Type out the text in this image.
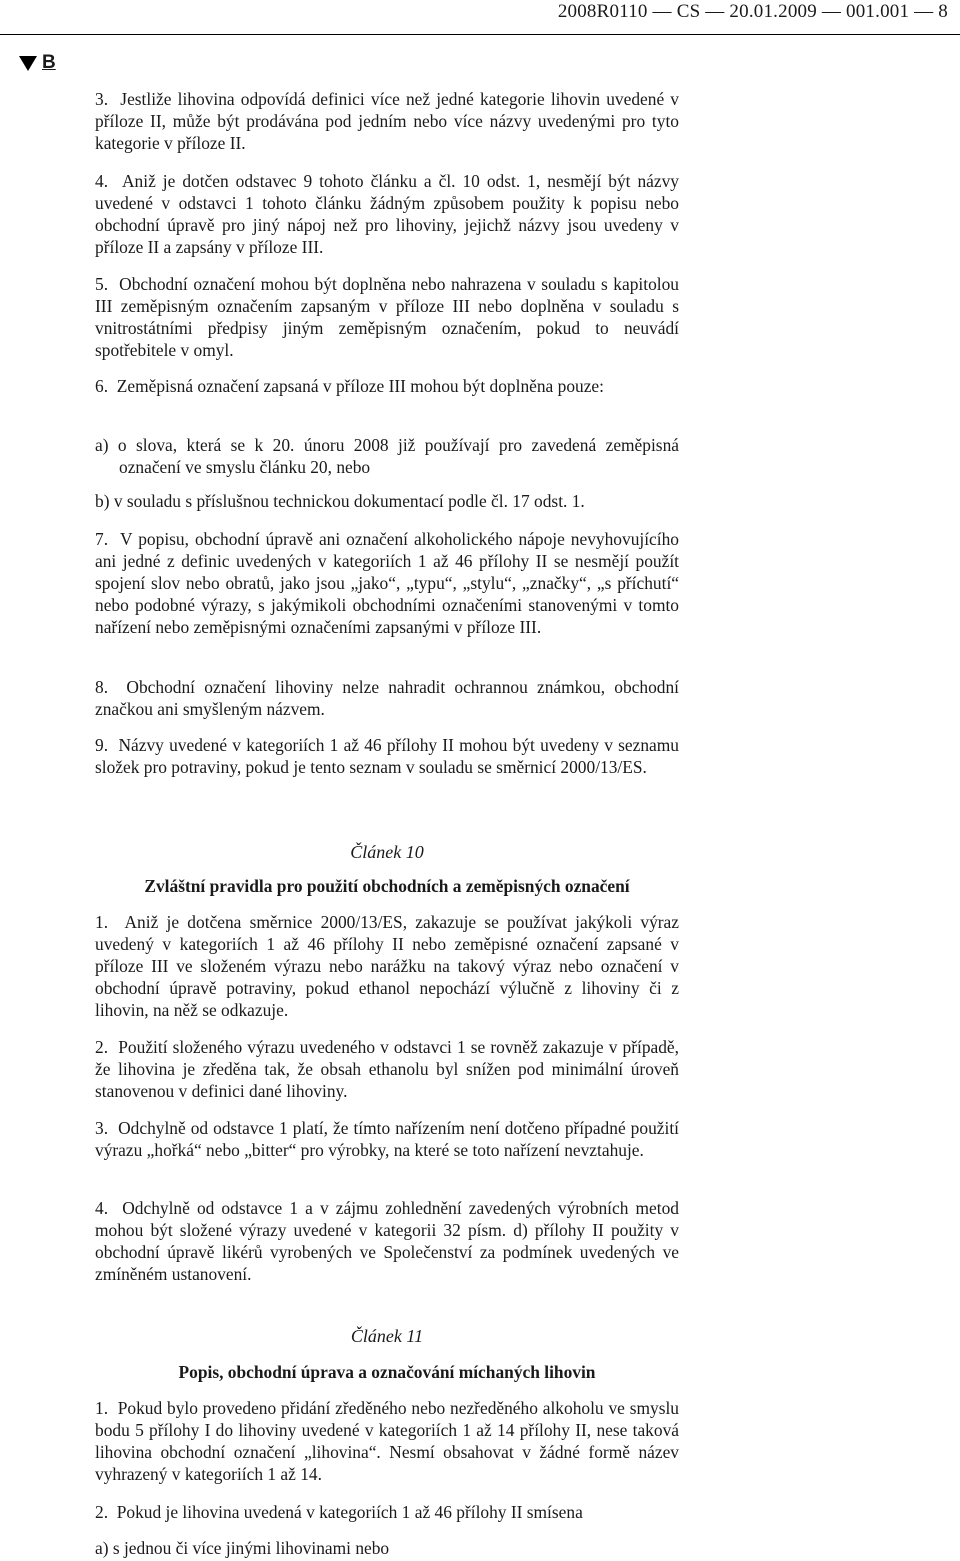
2008R0110 — CS — 20.01.2009 — 001.001 — 8
B
3.  Jestliže lihovina odpovídá definici více než jedné kategorie lihovin uvedené v příloze II, může být prodávána pod jedním nebo více názvy uvedenými pro tyto kategorie v příloze II.
4.  Aniž je dotčen odstavec 9 tohoto článku a čl. 10 odst. 1, nesmějí být názvy uvedené v odstavci 1 tohoto článku žádným způsobem použity k popisu nebo obchodní úpravě pro jiný nápoj než pro lihoviny, jejichž názvy jsou uvedeny v příloze II a zapsány v příloze III.
5.  Obchodní označení mohou být doplněna nebo nahrazena v souladu s kapitolou III zeměpisným označením zapsaným v příloze III nebo doplněna v souladu s vnitrostátními předpisy jiným zeměpisným označením, pokud to neuvádí spotřebitele v omyl.
6.  Zeměpisná označení zapsaná v příloze III mohou být doplněna pouze:
a) o slova, která se k 20. únoru 2008 již používají pro zavedená zeměpisná označení ve smyslu článku 20, nebo
b) v souladu s příslušnou technickou dokumentací podle čl. 17 odst. 1.
7.  V popisu, obchodní úpravě ani označení alkoholického nápoje nevyhovujícího ani jedné z definic uvedených v kategoriích 1 až 46 přílohy II se nesmějí použít spojení slov nebo obratů, jako jsou „jako“, „typu“, „stylu“, „značky“, „s příchutí“ nebo podobné výrazy, s jakýmikoli obchodními označeními stanovenými v tomto nařízení nebo zeměpisnými označeními zapsanými v příloze III.
8.  Obchodní označení lihoviny nelze nahradit ochrannou známkou, obchodní značkou ani smyšleným názvem.
9.  Názvy uvedené v kategoriích 1 až 46 přílohy II mohou být uvedeny v seznamu složek pro potraviny, pokud je tento seznam v souladu se směrnicí 2000/13/ES.
Článek 10
Zvláštní pravidla pro použití obchodních a zeměpisných označení
1.  Aniž je dotčena směrnice 2000/13/ES, zakazuje se používat jakýkoli výraz uvedený v kategoriích 1 až 46 přílohy II nebo zeměpisné označení zapsané v příloze III ve složeném výrazu nebo narážku na takový výraz nebo označení v obchodní úpravě potraviny, pokud ethanol nepochází výlučně z lihoviny či z lihovin, na něž se odkazuje.
2.  Použití složeného výrazu uvedeného v odstavci 1 se rovněž zakazuje v případě, že lihovina je zředěna tak, že obsah ethanolu byl snížen pod minimální úroveň stanovenou v definici dané lihoviny.
3.  Odchylně od odstavce 1 platí, že tímto nařízením není dotčeno případné použití výrazu „hořká“ nebo „bitter“ pro výrobky, na které se toto nařízení nevztahuje.
4.  Odchylně od odstavce 1 a v zájmu zohlednění zavedených výrobních metod mohou být složené výrazy uvedené v kategorii 32 písm. d) přílohy II použity v obchodní úpravě likérů vyrobených ve Společenství za podmínek uvedených ve zmíněném ustanovení.
Článek 11
Popis, obchodní úprava a označování míchaných lihovin
1.  Pokud bylo provedeno přidání zředěného nebo nezředěného alkoholu ve smyslu bodu 5 přílohy I do lihoviny uvedené v kategoriích 1 až 14 přílohy II, nese taková lihovina obchodní označení „lihovina“. Nesmí obsahovat v žádné formě název vyhrazený v kategoriích 1 až 14.
2.  Pokud je lihovina uvedená v kategoriích 1 až 46 přílohy II smísena
a) s jednou či více jinými lihovinami nebo
